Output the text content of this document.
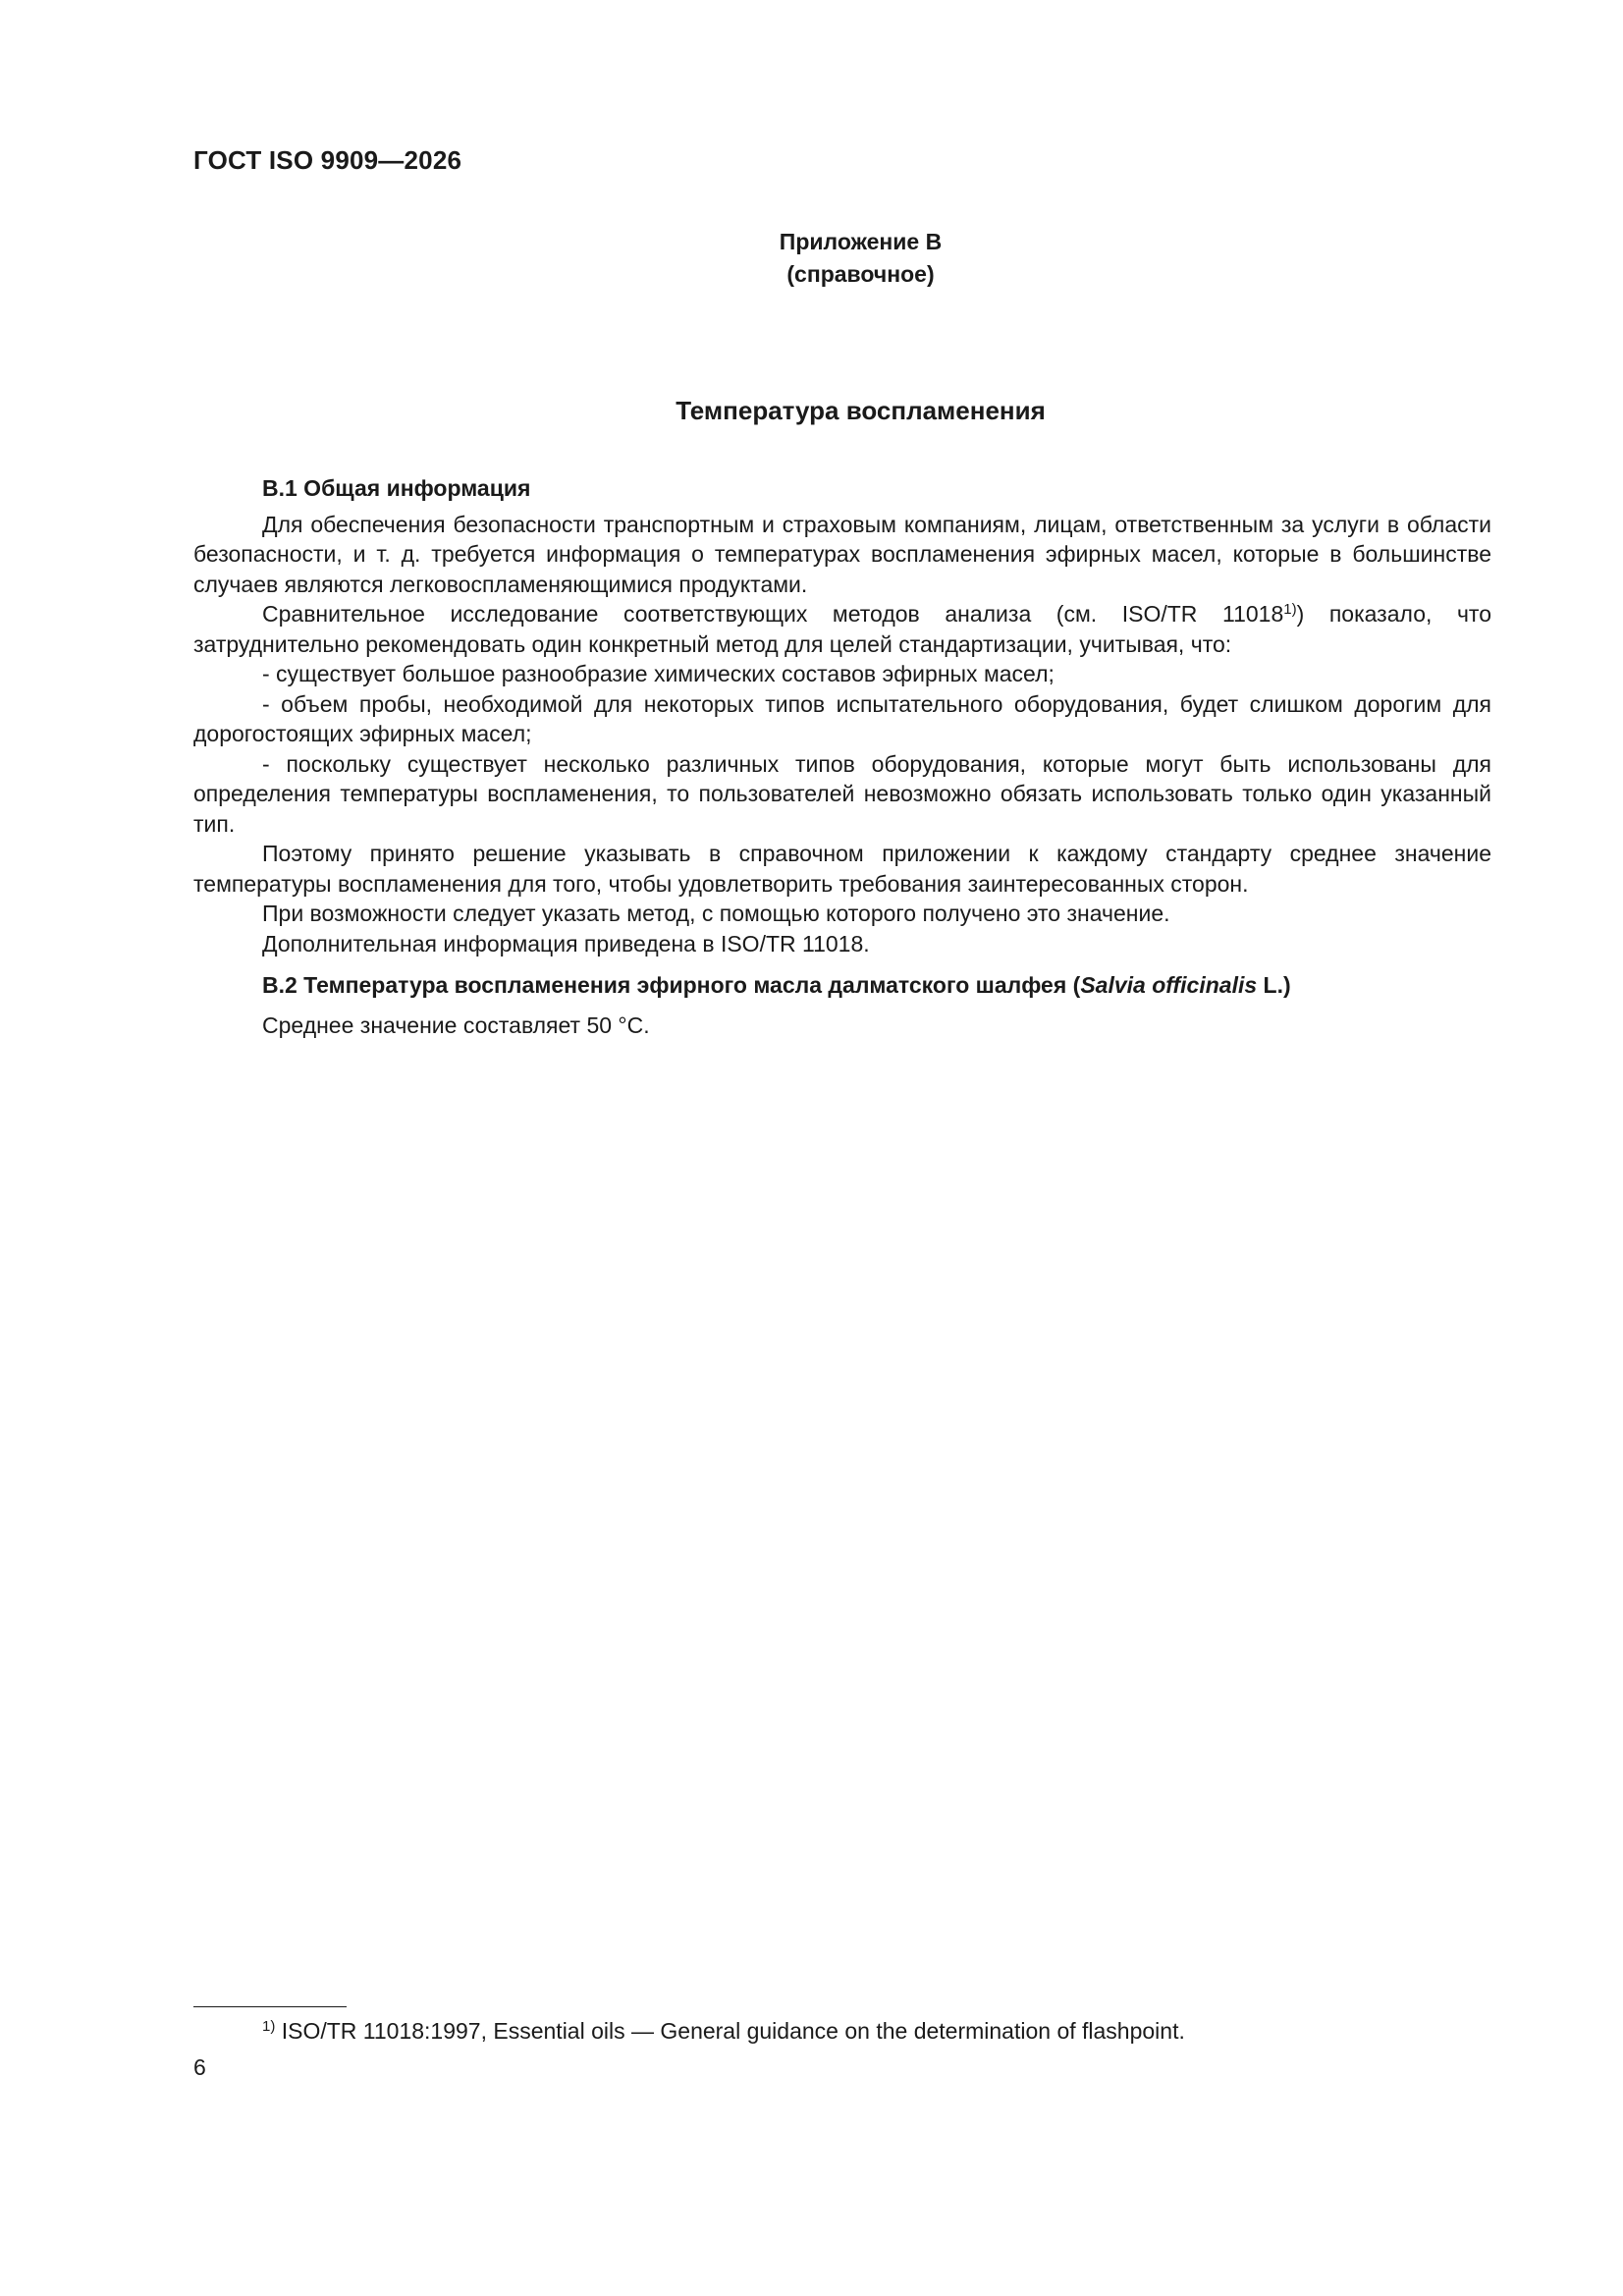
ГОСТ ISO 9909—2026
Приложение В
(справочное)
Температура воспламенения
В.1 Общая информация

Для обеспечения безопасности транспортным и страховым компаниям, лицам, ответственным за услуги в области безопасности, и т. д. требуется информация о температурах воспламенения эфирных масел, которые в большинстве случаев являются легковоспламеняющимися продуктами.

Сравнительное исследование соответствующих методов анализа (см. ISO/TR 11018$^{1)}$) показало, что затруднительно рекомендовать один конкретный метод для целей стандартизации, учитывая, что:

- существует большое разнообразие химических составов эфирных масел;

- объем пробы, необходимой для некоторых типов испытательного оборудования, будет слишком дорогим для дорогостоящих эфирных масел;

- поскольку существует несколько различных типов оборудования, которые могут быть использованы для определения температуры воспламенения, то пользователей невозможно обязать использовать только один указанный тип.

Поэтому принято решение указывать в справочном приложении к каждому стандарту среднее значение температуры воспламенения для того, чтобы удовлетворить требования заинтересованных сторон.

При возможности следует указать метод, с помощью которого получено это значение.

Дополнительная информация приведена в ISO/TR 11018.

В.2 Температура воспламенения эфирного масла далматского шалфея (Salvia officinalis L.)

Среднее значение составляет 50 °С.

$^{1)}$ ISO/TR 11018:1997, Essential oils — General guidance on the determination of flashpoint.
6
